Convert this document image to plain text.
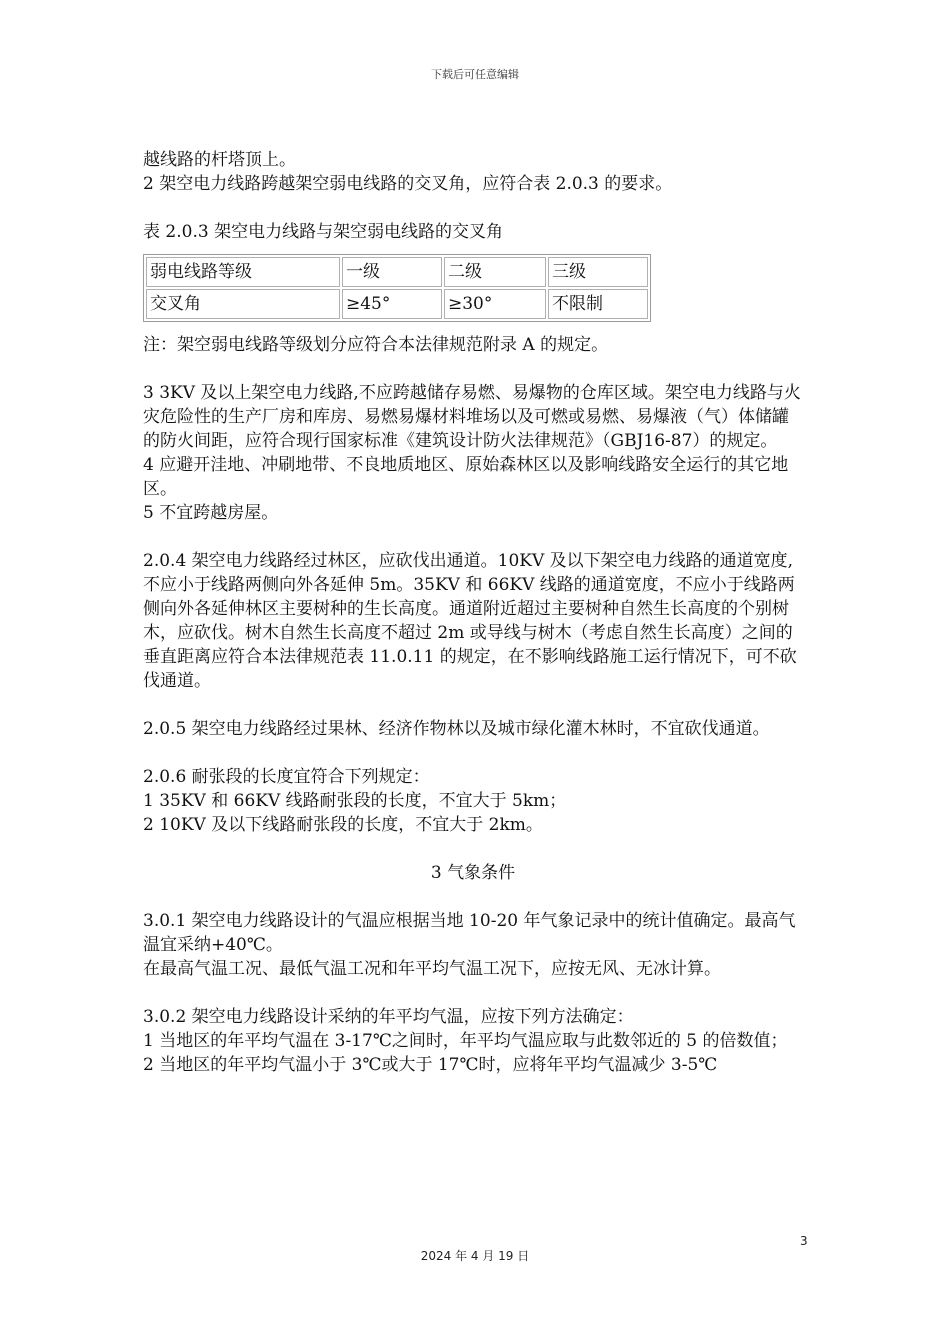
下载后可任意编辑

越线路的杆塔顶上。

2 架空电力线路跨越架空弱电线路的交叉角，应符合表 2.0.3 的要求。

表 2.0.3 架空电力线路与架空弱电线路的交叉角

弱电线路等级	一级	二级	三级
交叉角	≥45°	≥30°	不限制

注：架空弱电线路等级划分应符合本法律规范附录 A 的规定。

3 3KV 及以上架空电力线路,不应跨越储存易燃、易爆物的仓库区域。架空电力线路与火灾危险性的生产厂房和库房、易燃易爆材料堆场以及可燃或易燃、易爆液（气）体储罐的防火间距，应符合现行国家标准《建筑设计防火法律规范》（GBJ16-87）的规定。

4 应避开洼地、冲刷地带、不良地质地区、原始森林区以及影响线路安全运行的其它地区。

5 不宜跨越房屋。

2.0.4 架空电力线路经过林区，应砍伐出通道。10KV 及以下架空电力线路的通道宽度,不应小于线路两侧向外各延伸 5m。35KV 和 66KV 线路的通道宽度，不应小于线路两侧向外各延伸林区主要树种的生长高度。通道附近超过主要树种自然生长高度的个别树木，应砍伐。树木自然生长高度不超过 2m 或导线与树木（考虑自然生长高度）之间的垂直距离应符合本法律规范表 11.0.11 的规定，在不影响线路施工运行情况下，可不砍伐通道。

2.0.5 架空电力线路经过果林、经济作物林以及城市绿化灌木林时，不宜砍伐通道。

2.0.6 耐张段的长度宜符合下列规定：

1 35KV 和 66KV 线路耐张段的长度，不宜大于 5km；

2 10KV 及以下线路耐张段的长度，不宜大于 2km。

3 气象条件

3.0.1 架空电力线路设计的气温应根据当地 10-20 年气象记录中的统计值确定。最高气温宜采纳+40℃。

在最高气温工况、最低气温工况和年平均气温工况下，应按无风、无冰计算。

3.0.2 架空电力线路设计采纳的年平均气温，应按下列方法确定：

1 当地区的年平均气温在 3-17℃之间时，年平均气温应取与此数邻近的 5 的倍数值；

2 当地区的年平均气温小于 3℃或大于 17℃时，应将年平均气温减少 3-5℃

3
2024 年 4 月 19 日
